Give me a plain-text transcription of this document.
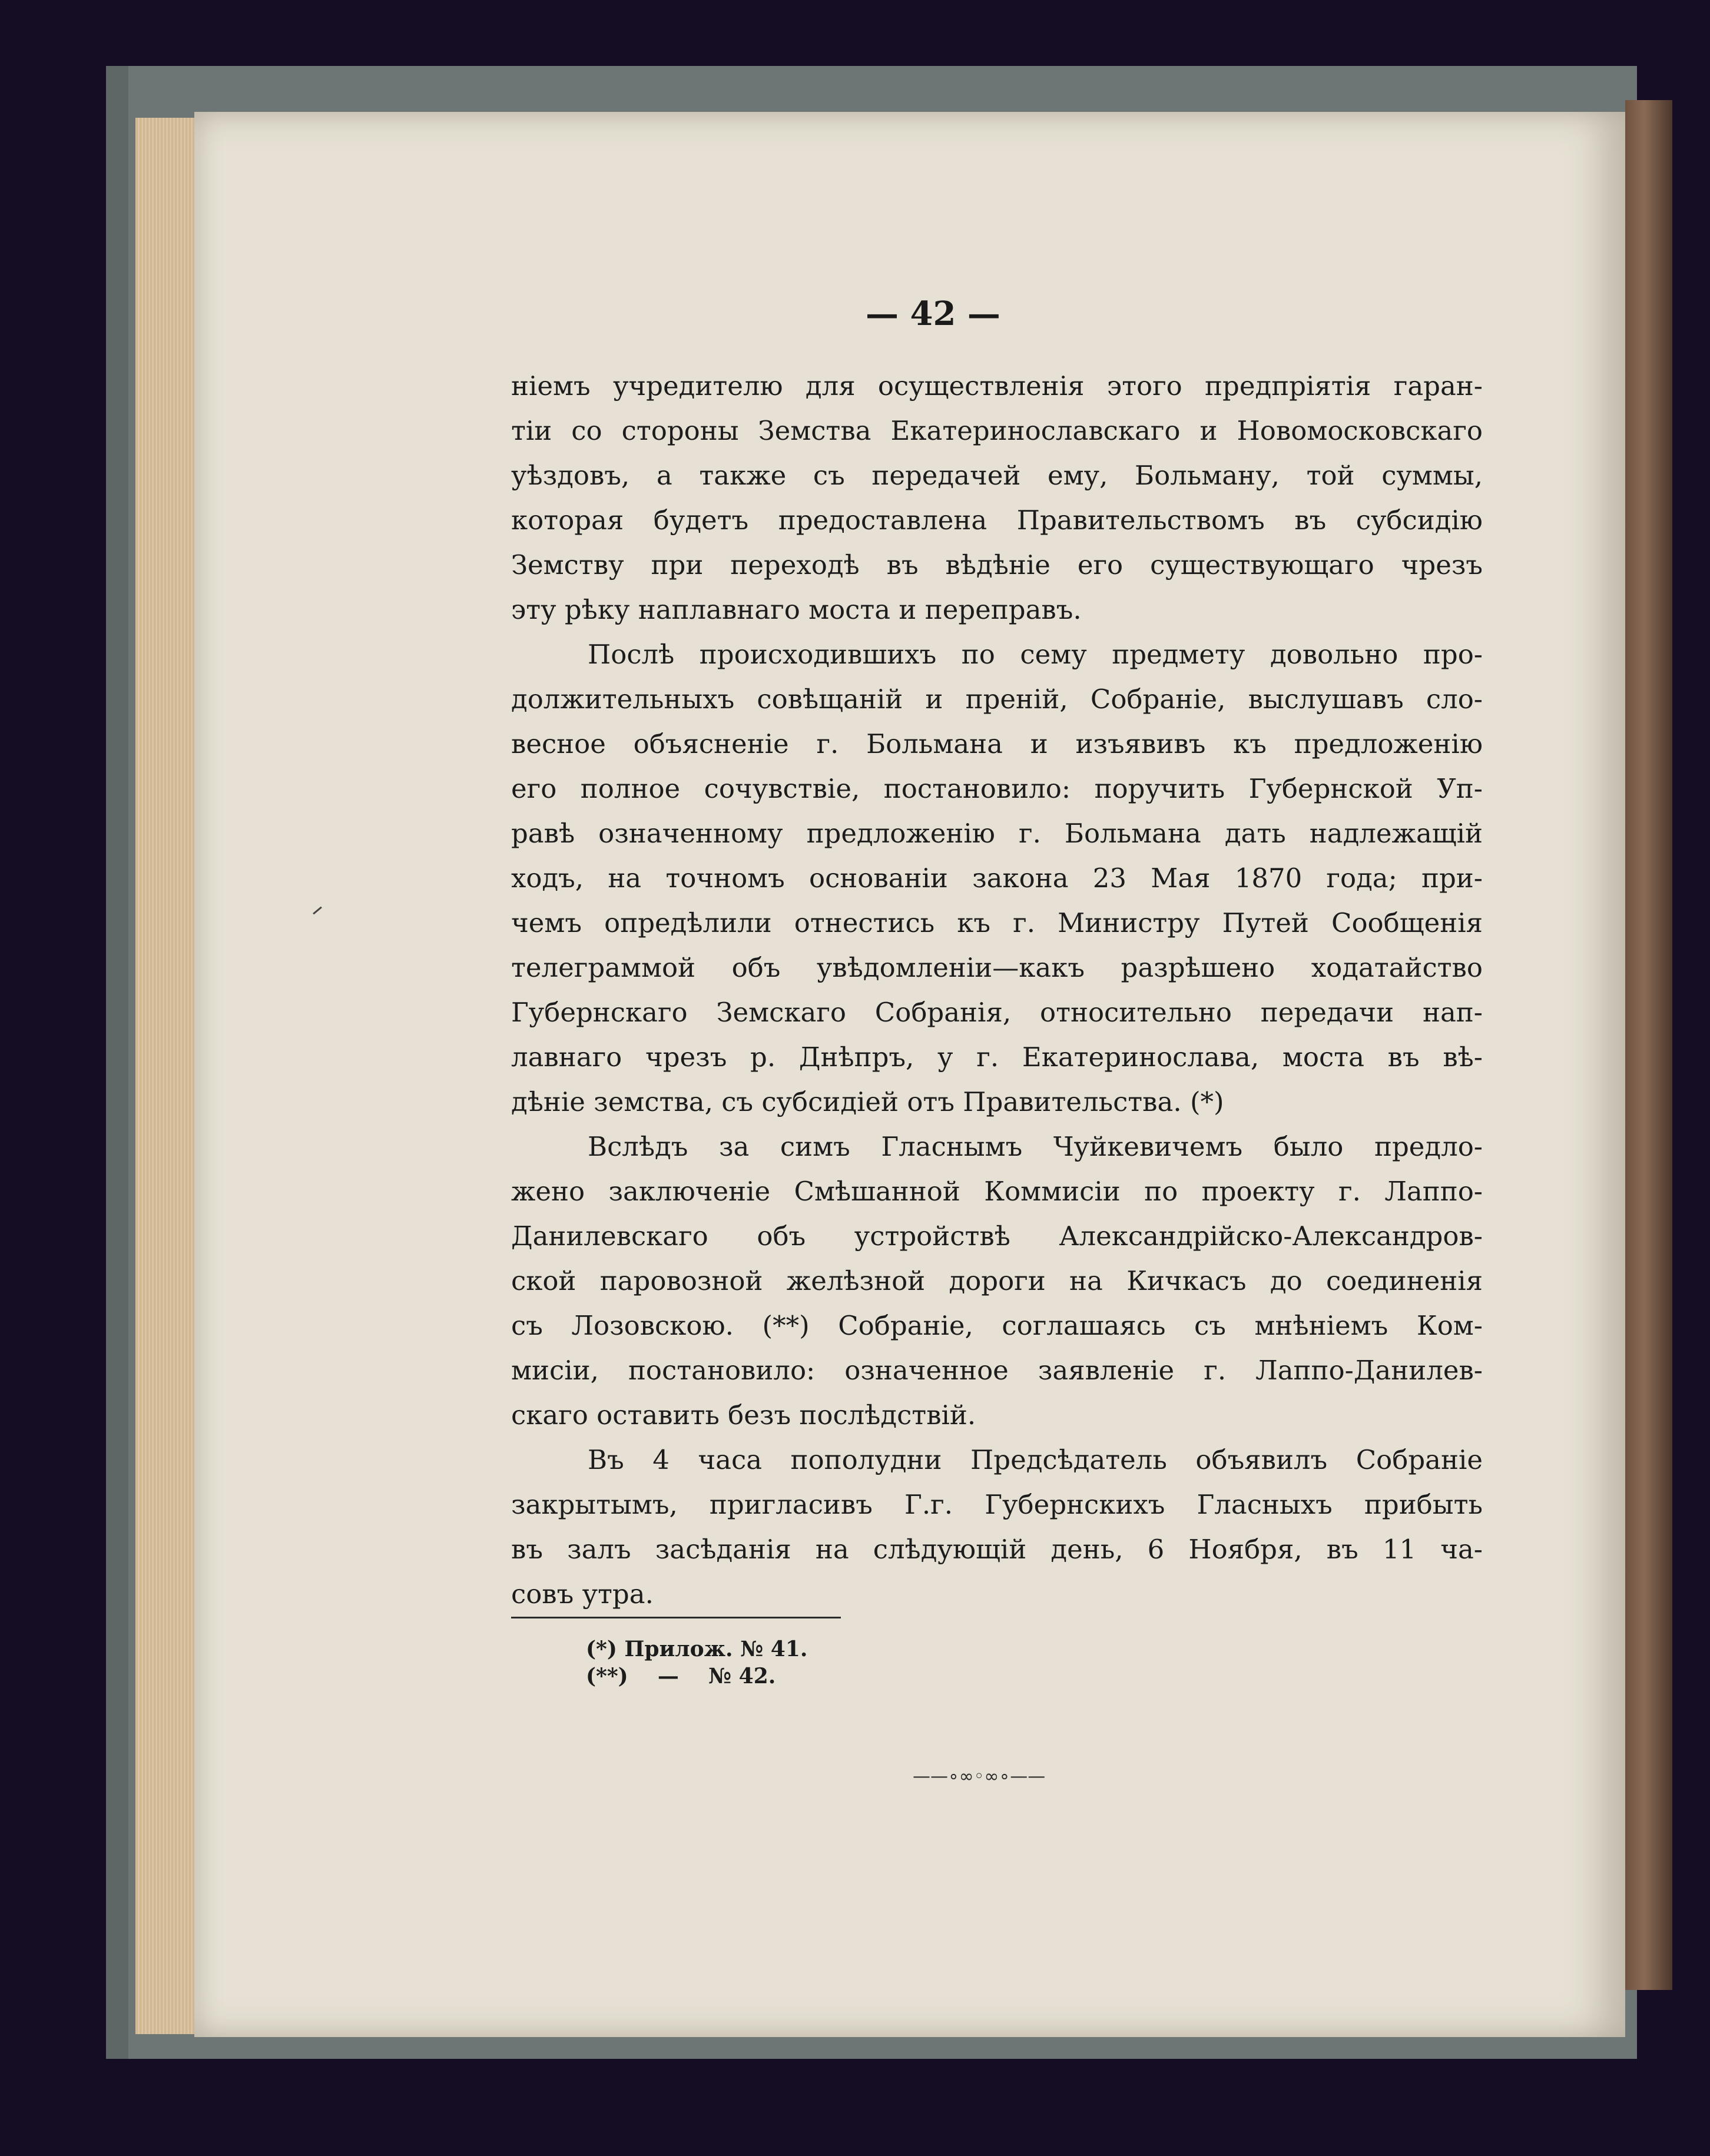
— 42 —
ніемъ учредителю для осуществленія этого предпріятія гаран-
тіи со стороны Земства Екатеринославскаго и Новомосковскаго
уѣздовъ, а также съ передачей ему, Больману, той суммы,
которая будетъ предоставлена Правительствомъ въ субсидію
Земству при переходѣ въ вѣдѣніе его существующаго чрезъ
эту рѣку наплавнаго моста и переправъ.
Послѣ происходившихъ по сему предмету довольно про-
должительныхъ совѣщаній и преній, Собраніе, выслушавъ сло-
весное объясненіе г. Больмана и изъявивъ къ предложенію
его полное сочувствіе, постановило: поручить Губернской Уп-
равѣ означенному предложенію г. Больмана дать надлежащій
ходъ, на точномъ основаніи закона 23 Мая 1870 года; при-
чемъ опредѣлили отнестись къ г. Министру Путей Сообщенія
телеграммой объ увѣдомленіи—какъ разрѣшено ходатайство
Губернскаго Земскаго Собранія, относительно передачи нап-
лавнаго чрезъ р. Днѣпръ, у г. Екатеринослава, моста въ вѣ-
дѣніе земства, съ субсидіей отъ Правительства. (*)
Вслѣдъ за симъ Гласнымъ Чуйкевичемъ было предло-
жено заключеніе Смѣшанной Коммисіи по проекту г. Лаппо-
Данилевскаго объ устройствѣ Александрійско-Александров-
ской паровозной желѣзной дороги на Кичкасъ до соединенія
съ Лозовскою. (**) Собраніе, соглашаясь съ мнѣніемъ Ком-
мисіи, постановило: означенное заявленіе г. Лаппо-Данилев-
скаго оставить безъ послѣдствій.
Въ 4 часа пополудни Предсѣдатель объявилъ Собраніе
закрытымъ, пригласивъ Г.г. Губернскихъ Гласныхъ прибыть
въ залъ засѣданія на слѣдующій день, 6 Ноября, въ 11 ча-
совъ утра.
(*) Прилож. № 41.
(**)    —    № 42.
——∘∞◦∞∘——
